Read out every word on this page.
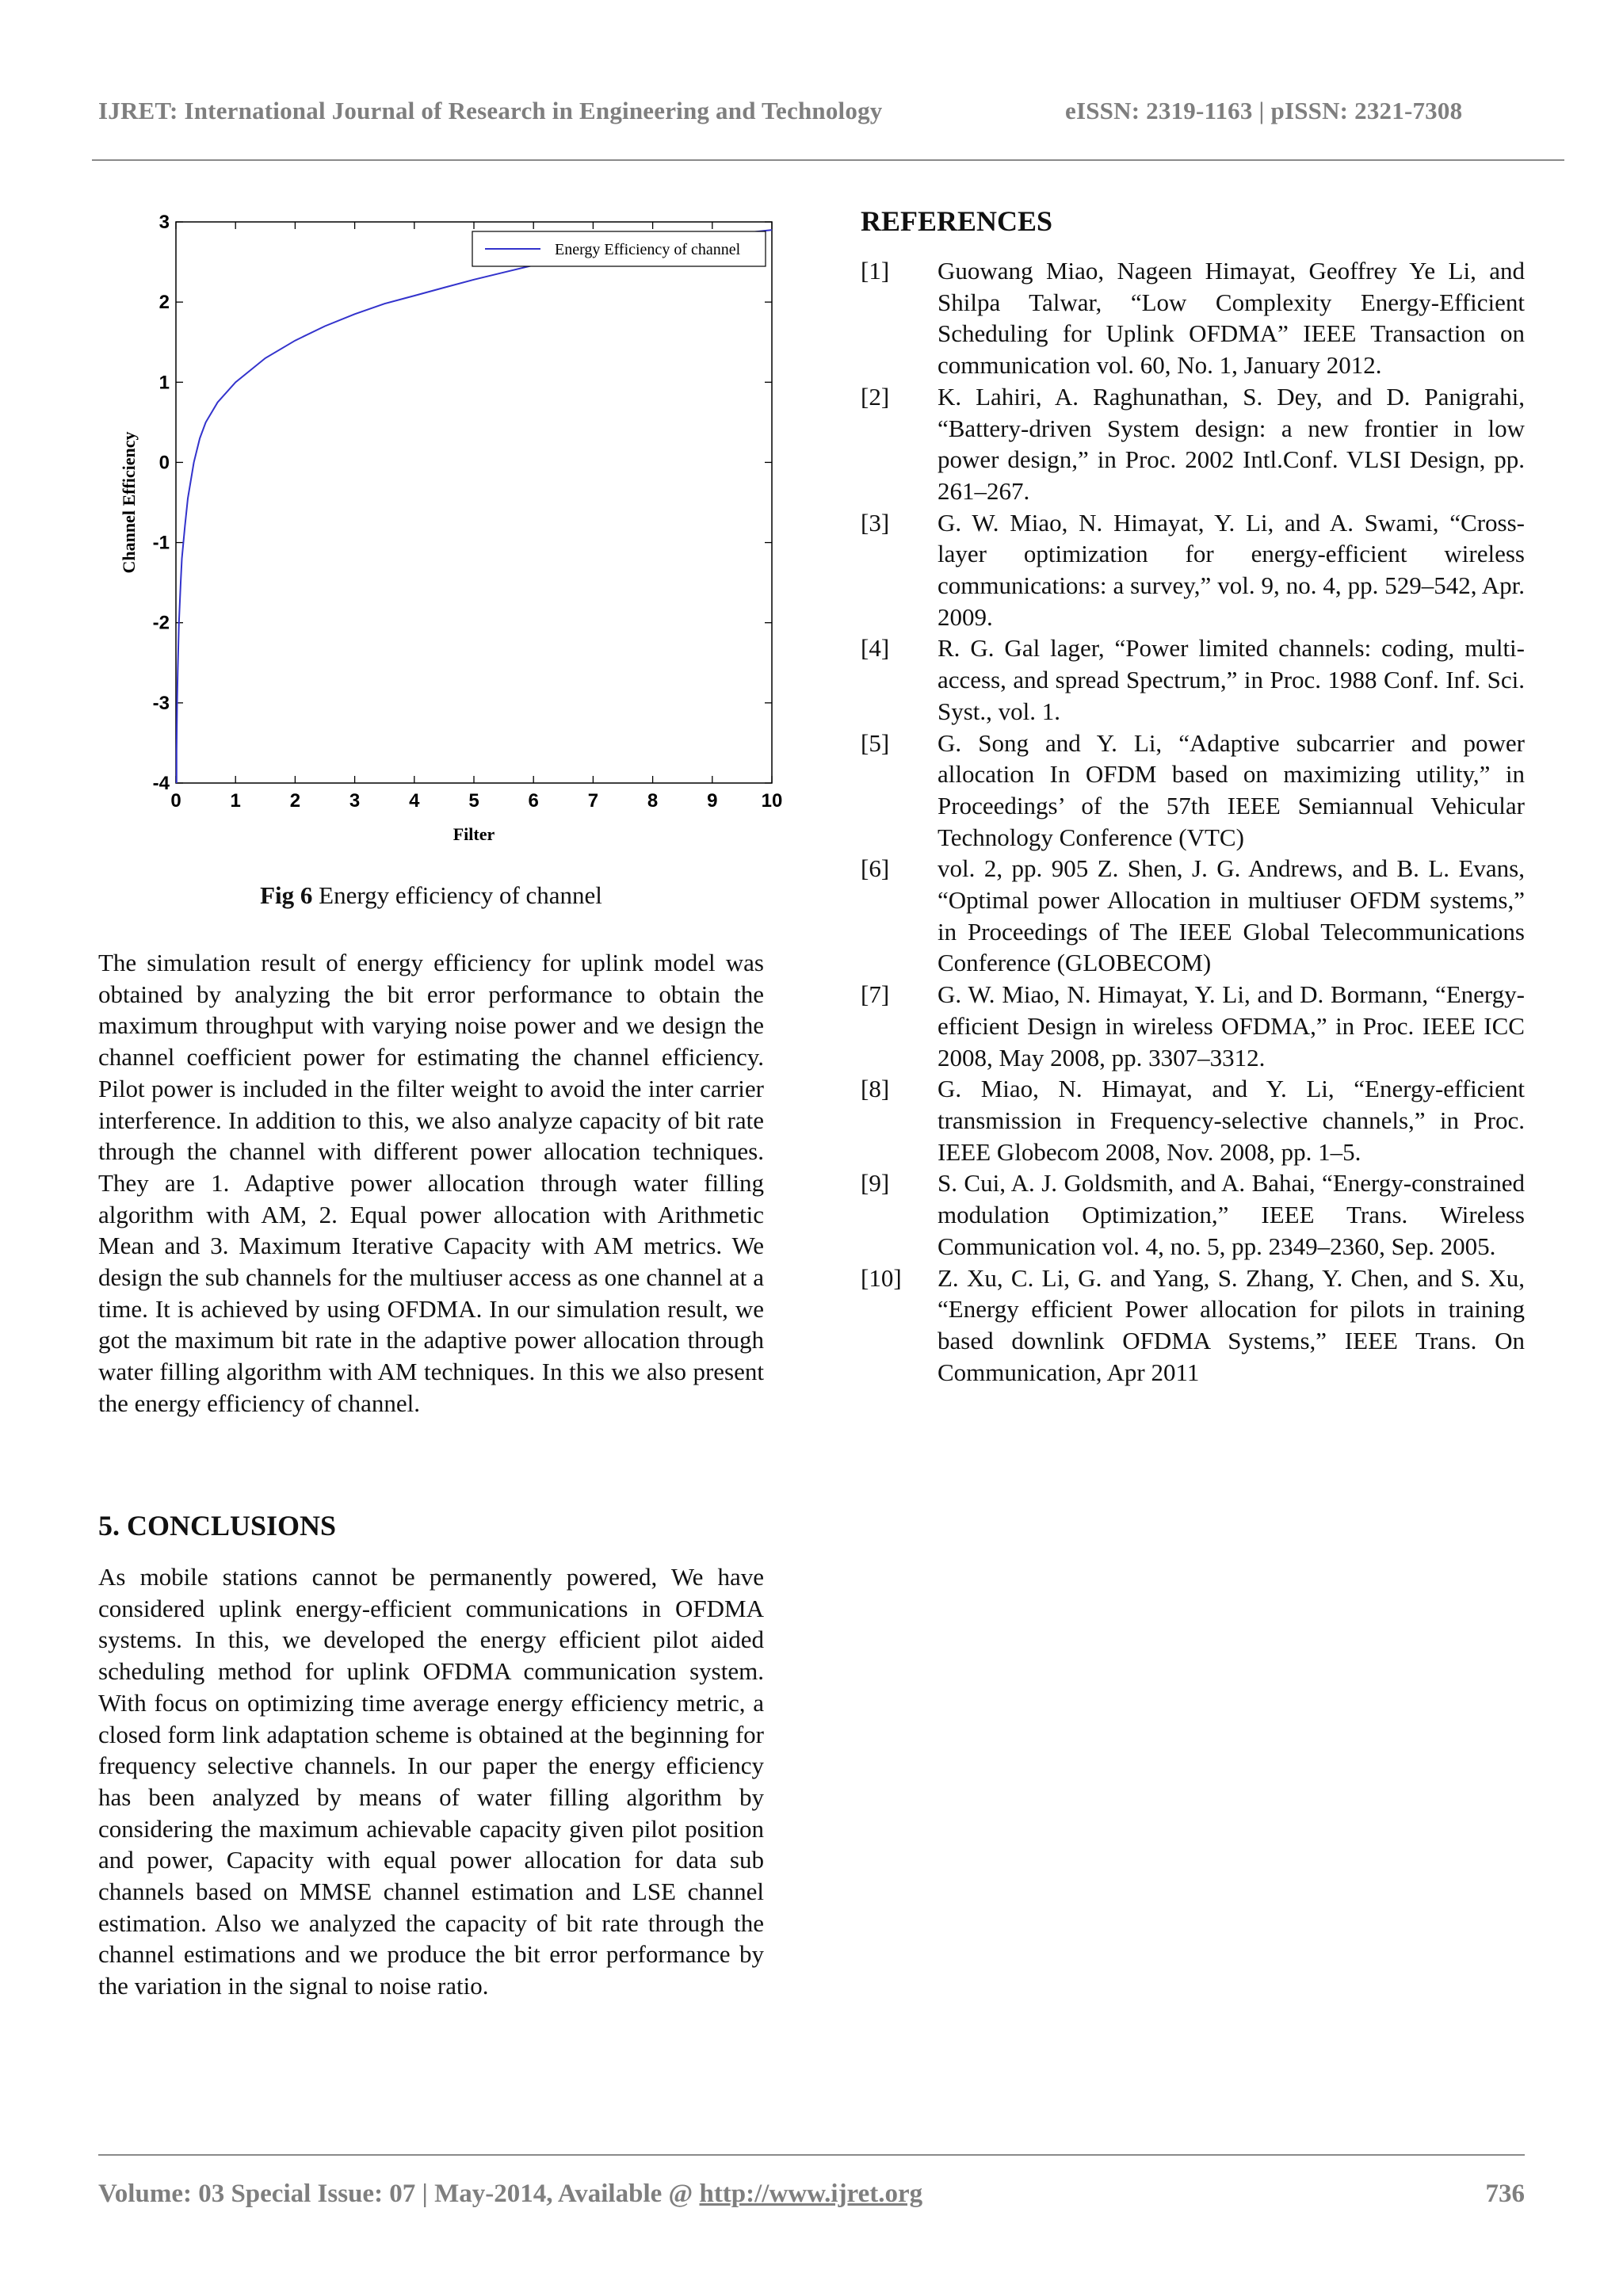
IJRET: International Journal of Research in Engineering and Technology	eISSN: 2319-1163 | pISSN: 2321-7308
0	1	2	3	4	5	6	7	8	9 10
3
2
1
0
-1
-2
-3
-4
Filter
Channel Efficiency
Energy Efficiency of channel
Fig 6 Energy efficiency of channel
The simulation result of energy efficiency for uplink model was obtained by analyzing the bit error performance to obtain the maximum throughput with varying noise power and we design the channel coefficient power for estimating the channel efficiency. Pilot power is included in the filter weight to avoid the inter carrier interference. In addition to this, we also analyze capacity of bit rate through the channel with different power allocation techniques. They are 1. Adaptive power allocation through water filling algorithm with AM, 2. Equal power allocation with Arithmetic Mean and 3. Maximum Iterative Capacity with AM metrics. We design the sub channels for the multiuser access as one channel at a time. It is achieved by using OFDMA. In our simulation result, we got the maximum bit rate in the adaptive power allocation through water filling algorithm with AM techniques. In this we also present the energy efficiency of channel.
5. CONCLUSIONS
As mobile stations cannot be permanently powered, We have considered uplink energy-efficient communications in OFDMA systems. In this, we developed the energy efficient pilot aided scheduling method for uplink OFDMA communication system. With focus on optimizing time average energy efficiency metric, a closed form link adaptation scheme is obtained at the beginning for frequency selective channels. In our paper the energy efficiency has been analyzed by means of water filling algorithm by considering the maximum achievable capacity given pilot position and power, Capacity with equal power allocation for data sub channels based on MMSE channel estimation and LSE channel estimation. Also we analyzed the capacity of bit rate through the channel estimations and we produce the bit error performance by the variation in the signal to noise ratio.
REFERENCES
[1] Guowang Miao, Nageen Himayat, Geoffrey Ye Li, and Shilpa Talwar, “Low Complexity Energy-Efficient Scheduling for Uplink OFDMA” IEEE Transaction on communication vol. 60, No. 1, January 2012.
[2] K. Lahiri, A. Raghunathan, S. Dey, and D. Panigrahi, “Battery-driven System design: a new frontier in low power design,” in Proc. 2002 Intl.Conf. VLSI Design, pp. 261–267.
[3] G. W. Miao, N. Himayat, Y. Li, and A. Swami, “Cross-layer optimization for energy-efficient wireless communications: a survey,” vol. 9, no. 4, pp. 529–542, Apr. 2009.
[4] R. G. Gal lager, “Power limited channels: coding, multi-access, and spread Spectrum,” in Proc. 1988 Conf. Inf. Sci. Syst., vol. 1.
[5] G. Song and Y. Li, “Adaptive subcarrier and power allocation In OFDM based on maximizing utility,” in Proceedings’ of the 57th IEEE Semiannual Vehicular Technology Conference (VTC)
[6] vol. 2, pp. 905 Z. Shen, J. G. Andrews, and B. L. Evans, “Optimal power Allocation in multiuser OFDM systems,” in Proceedings of The IEEE Global Telecommunications Conference (GLOBECOM)
[7] G. W. Miao, N. Himayat, Y. Li, and D. Bormann, “Energy-efficient Design in wireless OFDMA,” in Proc. IEEE ICC 2008, May 2008, pp. 3307–3312.
[8] G. Miao, N. Himayat, and Y. Li, “Energy-efficient transmission in Frequency-selective channels,” in Proc. IEEE Globecom 2008, Nov. 2008, pp. 1–5.
[9] S. Cui, A. J. Goldsmith, and A. Bahai, “Energy-constrained modulation Optimization,” IEEE Trans. Wireless Communication vol. 4, no. 5, pp. 2349–2360, Sep. 2005.
[10] Z. Xu, C. Li, G. and Yang, S. Zhang, Y. Chen, and S. Xu, “Energy efficient Power allocation for pilots in training based downlink OFDMA Systems,” IEEE Trans. On Communication, Apr 2011
Volume: 03 Special Issue: 07 | May-2014, Available @ http://www.ijret.org	736
